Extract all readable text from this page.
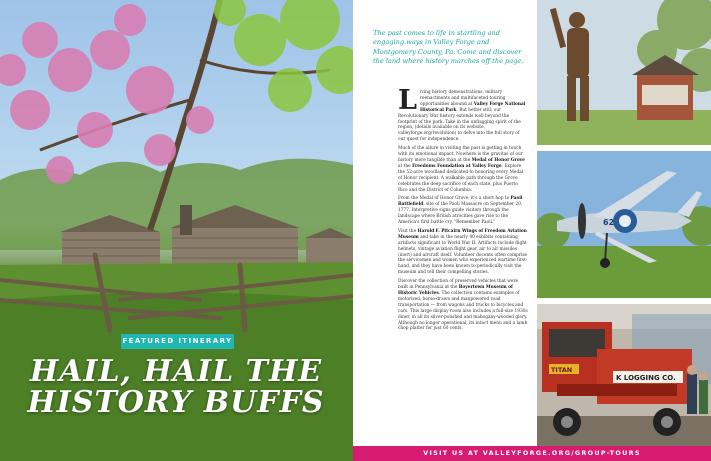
FEATURED ITINERARY
HAIL, HAIL THE
HISTORY BUFFS
The past comes to life in startling and engaging ways in Valley Forge and Montgomery County, Pa. Come and discover the land where history marches off the page.

Living history demonstrations, military reenactments and multifaceted touring opportunities abound at Valley Forge National Historical Park. But better still, our Revolutionary War history extends well beyond the footprint of the park. Take in the unflagging spirit of the region, (details available on its website, valleyforge.org/revolution) to delve into the full story of our quest for independence.

Much of the allure in visiting the past is getting in touch with its emotional impact. Nowhere is the gravitas of our history more tangible than at the Medal of Honor Grove at the Freedoms Foundation at Valley Forge. Explore the 52-acre woodland dedicated to honoring every Medal of Honor recipient. A walkable path through the Grove celebrates the deep sacrifice of each state, plus Puerto Rico and the District of Columbia.

From the Medal of Honor Grove, it's a short hop to Paoli Battlefield, site of the Paoli Massacre on September 20, 1777. Interpretive signs guide visitors through the landscape where British atrocities gave rise to the America's first battle cry, "Remember Paoli."

Visit the Harold F. Pitcairn Wings of Freedom Aviation Museum and take in the nearly 40 exhibits containing artifacts significant to World War II. Artifacts include flight helmets, vintage aviation flight gear, air to air missiles (inert) and aircraft itself. Volunteer docents often comprise the servicemen and women who experienced wartime first-hand, and they have been known to periodically visit the museum and tell their compelling stories.

Discover the collection of preserved vehicles that were built in Pennsylvania at the Boyertown Museum of Historic Vehicles. The collection contains examples of motorized, horse-drawn and manpowered road transportation — from wagons and trucks to bicycles and cars. This large display room also includes a full-size 1930s diner, in all its silver-polished and mahogany-wooded glory. Although no longer operational, its intact menu and a lamb chop platter for just 60 cents.

62
K LOGGING CO.
TITAN
VISIT US AT VALLEYFORGE.ORG/GROUP-TOURS
